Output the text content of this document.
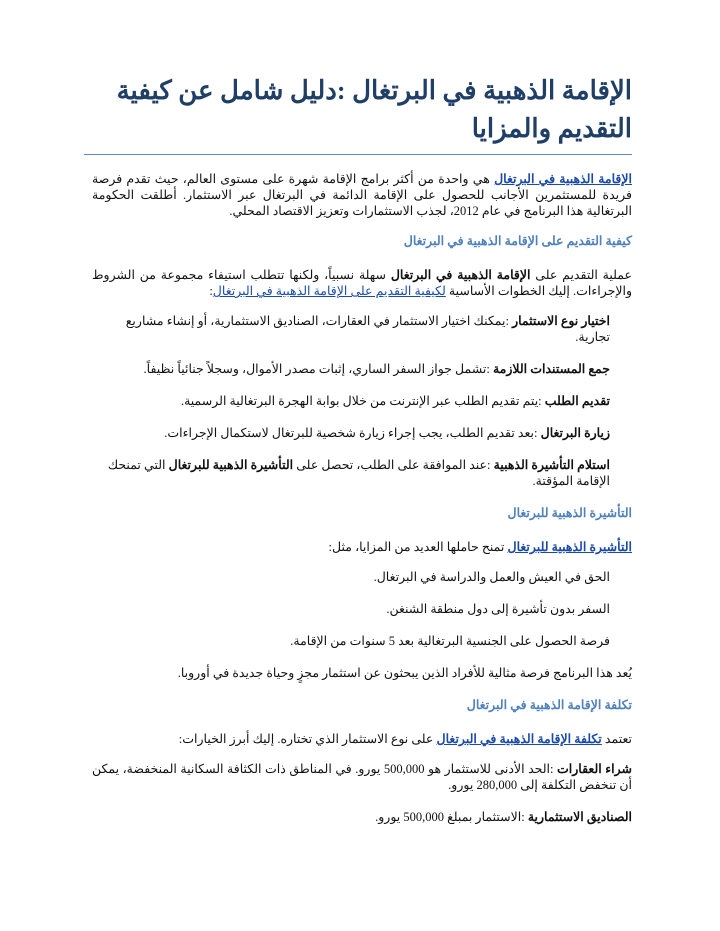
الإقامة الذهبية في البرتغال :دليل شامل عن كيفية التقديم والمزايا

الإقامة الذهبية في البرتغال هي واحدة من أكثر برامج الإقامة شهرة على مستوى العالم، حيث تقدم فرصة فريدة للمستثمرين الأجانب للحصول على الإقامة الدائمة في البرتغال عبر الاستثمار. أطلقت الحكومة البرتغالية هذا البرنامج في عام 2012، لجذب الاستثمارات وتعزيز الاقتصاد المحلي.

كيفية التقديم على الإقامة الذهبية في البرتغال

عملية التقديم على الإقامة الذهبية في البرتغال سهلة نسبياً، ولكنها تتطلب استيفاء مجموعة من الشروط والإجراءات. إليك الخطوات الأساسية لكيفية التقديم على الإقامة الذهبية في البرتغال:

اختيار نوع الاستثمار :يمكنك اختيار الاستثمار في العقارات، الصناديق الاستثمارية، أو إنشاء مشاريع تجارية.

جمع المستندات اللازمة :تشمل جواز السفر الساري، إثبات مصدر الأموال، وسجلاً جنائياً نظيفاً.

تقديم الطلب :يتم تقديم الطلب عبر الإنترنت من خلال بوابة الهجرة البرتغالية الرسمية.

زيارة البرتغال :بعد تقديم الطلب، يجب إجراء زيارة شخصية للبرتغال لاستكمال الإجراءات.

استلام التأشيرة الذهبية :عند الموافقة على الطلب، تحصل على التأشيرة الذهبية للبرتغال التي تمنحك الإقامة المؤقتة.

التأشيرة الذهبية للبرتغال

التأشيرة الذهبية للبرتغال تمنح حاملها العديد من المزايا، مثل:

الحق في العيش والعمل والدراسة في البرتغال.

السفر بدون تأشيرة إلى دول منطقة الشنغن.

فرصة الحصول على الجنسية البرتغالية بعد 5 سنوات من الإقامة.

يُعد هذا البرنامج فرصة مثالية للأفراد الذين يبحثون عن استثمار مجزٍ وحياة جديدة في أوروبا.

تكلفة الإقامة الذهبية في البرتغال

تعتمد تكلفة الإقامة الذهبية في البرتغال على نوع الاستثمار الذي تختاره. إليك أبرز الخيارات:

شراء العقارات :الحد الأدنى للاستثمار هو 500,000 يورو. في المناطق ذات الكثافة السكانية المنخفضة، يمكن أن تنخفض التكلفة إلى 280,000 يورو.

الصناديق الاستثمارية :الاستثمار بمبلغ 500,000 يورو.
